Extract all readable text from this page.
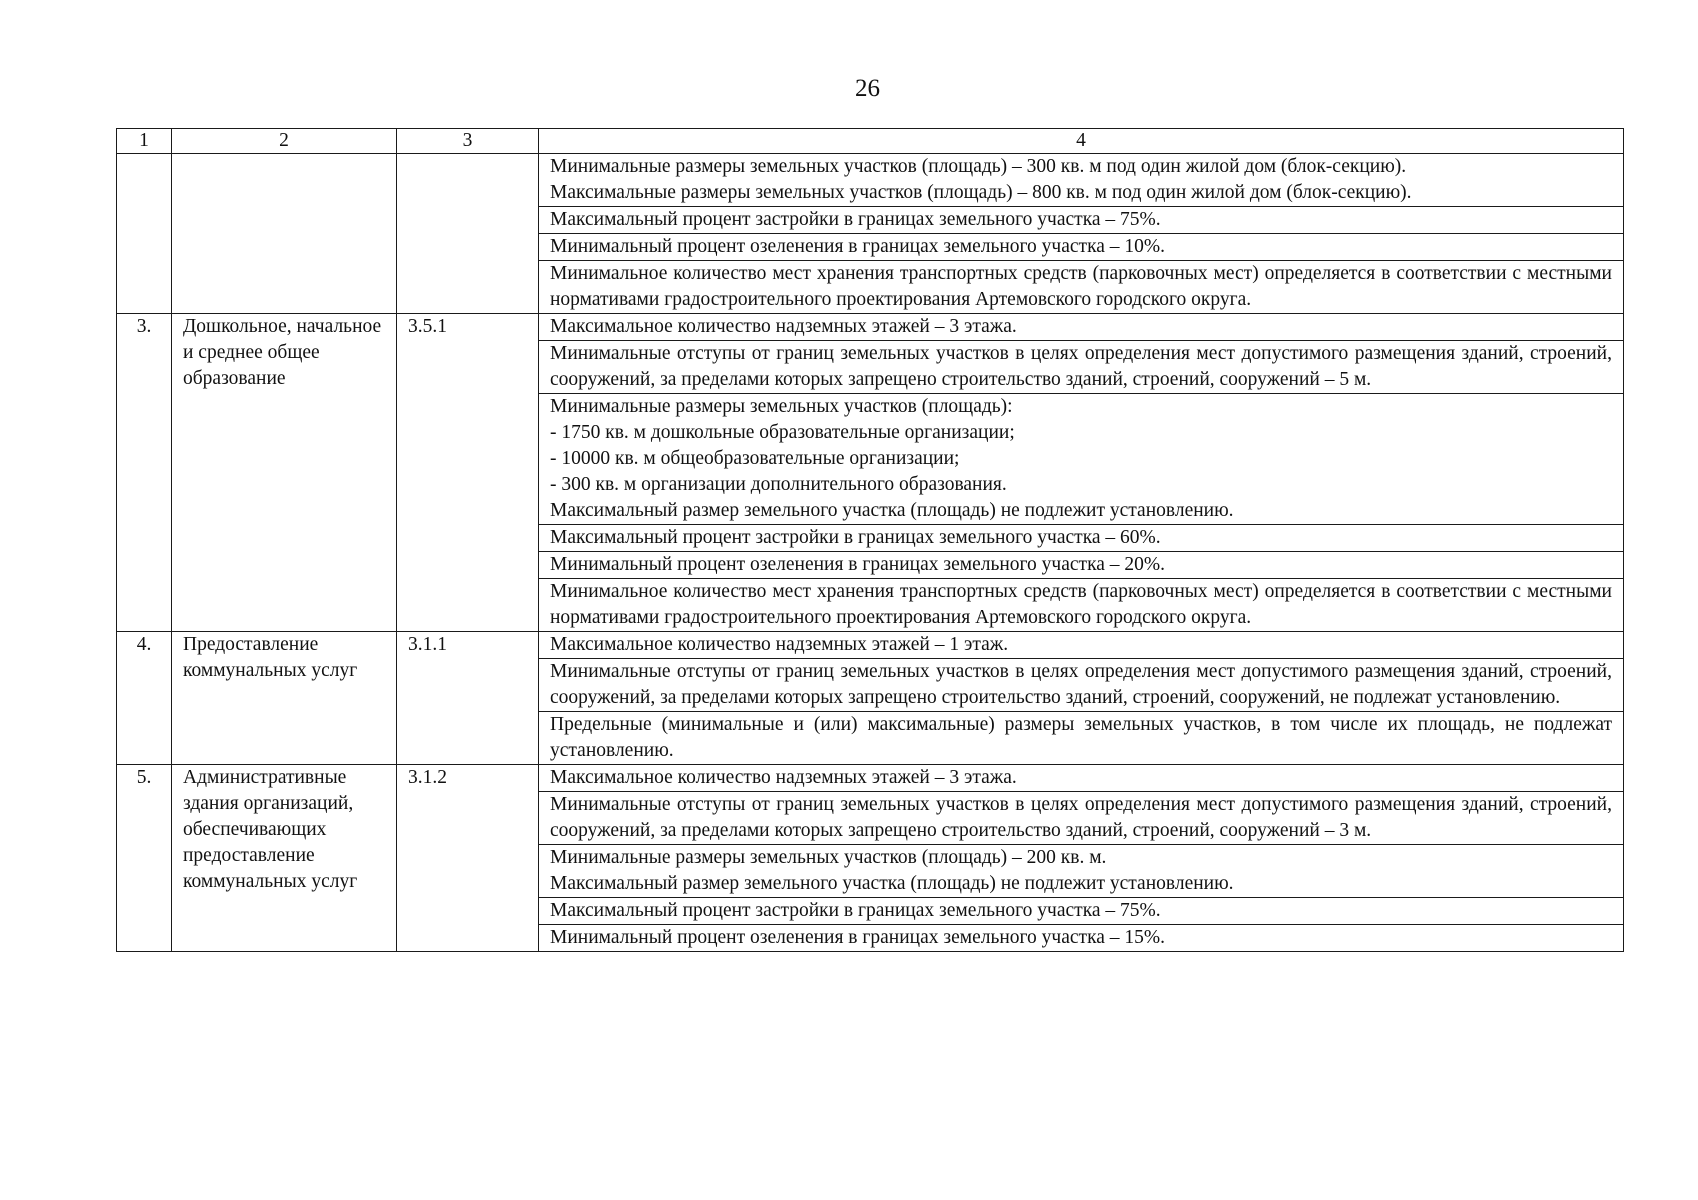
26
1	2	3	4

			Минимальные размеры земельных участков (площадь) – 300 кв. м под один жилой дом (блок-секцию).
Максимальные размеры земельных участков (площадь) – 800 кв. м под один жилой дом (блок-секцию).

			Максимальный процент застройки в границах земельного участка – 75%.

			Минимальный процент озеленения в границах земельного участка – 10%.

			Минимальное количество мест хранения транспортных средств (парковочных мест) определяется в соответствии с местными нормативами градостроительного проектирования Артемовского городского округа.

3.	Дошкольное, начальное и среднее общее образование	3.5.1	Максимальное количество надземных этажей – 3 этажа.

			Минимальные отступы от границ земельных участков в целях определения мест допустимого размещения зданий, строений, сооружений, за пределами которых запрещено строительство зданий, строений, сооружений – 5 м.

			Минимальные размеры земельных участков (площадь):
- 1750 кв. м дошкольные образовательные организации;
- 10000 кв. м общеобразовательные организации;
- 300 кв. м организации дополнительного образования.
Максимальный размер земельного участка (площадь) не подлежит установлению.

			Максимальный процент застройки в границах земельного участка – 60%.

			Минимальный процент озеленения в границах земельного участка – 20%.

			Минимальное количество мест хранения транспортных средств (парковочных мест) определяется в соответствии с местными нормативами градостроительного проектирования Артемовского городского округа.

4.	Предоставление коммунальных услуг	3.1.1	Максимальное количество надземных этажей – 1 этаж.

			Минимальные отступы от границ земельных участков в целях определения мест допустимого размещения зданий, строений, сооружений, за пределами которых запрещено строительство зданий, строений, сооружений, не подлежат установлению.

			Предельные (минимальные и (или) максимальные) размеры земельных участков, в том числе их площадь, не подлежат установлению.

5.	Административные здания организаций, обеспечивающих предоставление коммунальных услуг	3.1.2	Максимальное количество надземных этажей – 3 этажа.

			Минимальные отступы от границ земельных участков в целях определения мест допустимого размещения зданий, строений, сооружений, за пределами которых запрещено строительство зданий, строений, сооружений – 3 м.

			Минимальные размеры земельных участков (площадь) – 200 кв. м.
Максимальный размер земельного участка (площадь) не подлежит установлению.

			Максимальный процент застройки в границах земельного участка – 75%.

			Минимальный процент озеленения в границах земельного участка – 15%.
